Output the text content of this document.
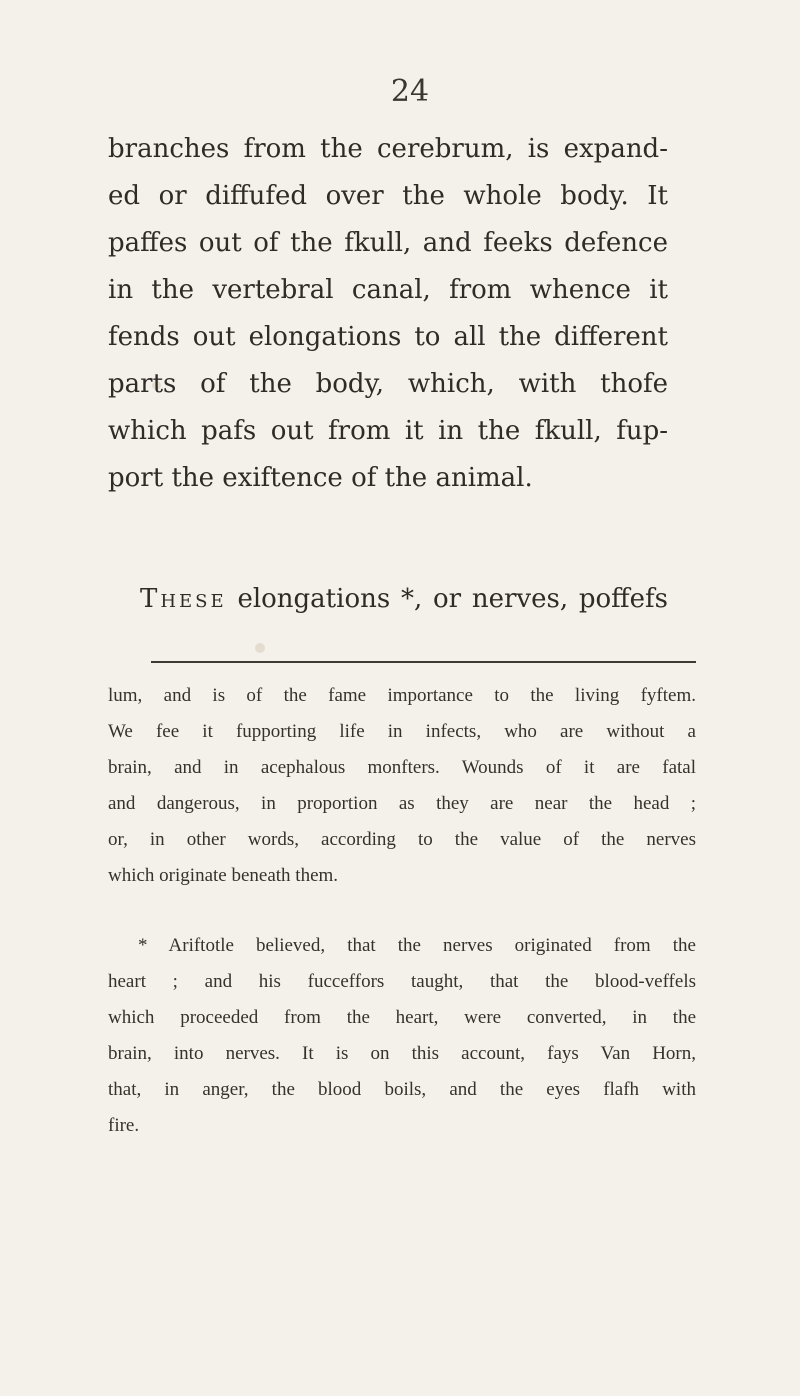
24
branches from the cerebrum, is expand-
ed or diffufed over the whole body. It
paffes out of the fkull, and feeks defence
in the vertebral canal, from whence it
fends out elongations to all the different
parts of the body, which, with thofe
which pafs out from it in the fkull, fup-
port the exiftence of the animal.
These elongations *, or nerves, poffefs
lum, and is of the fame importance to the living fyftem.
We fee it fupporting life in infects, who are without a
brain, and in acephalous monfters. Wounds of it are fatal
and dangerous, in proportion as they are near the head ;
or, in other words, according to the value of the nerves
which originate beneath them.
* Ariftotle believed, that the nerves originated from the
heart ; and his fucceffors taught, that the blood-veffels
which proceeded from the heart, were converted, in the
brain, into nerves. It is on this account, fays Van Horn,
that, in anger, the blood boils, and the eyes flafh with
fire.
